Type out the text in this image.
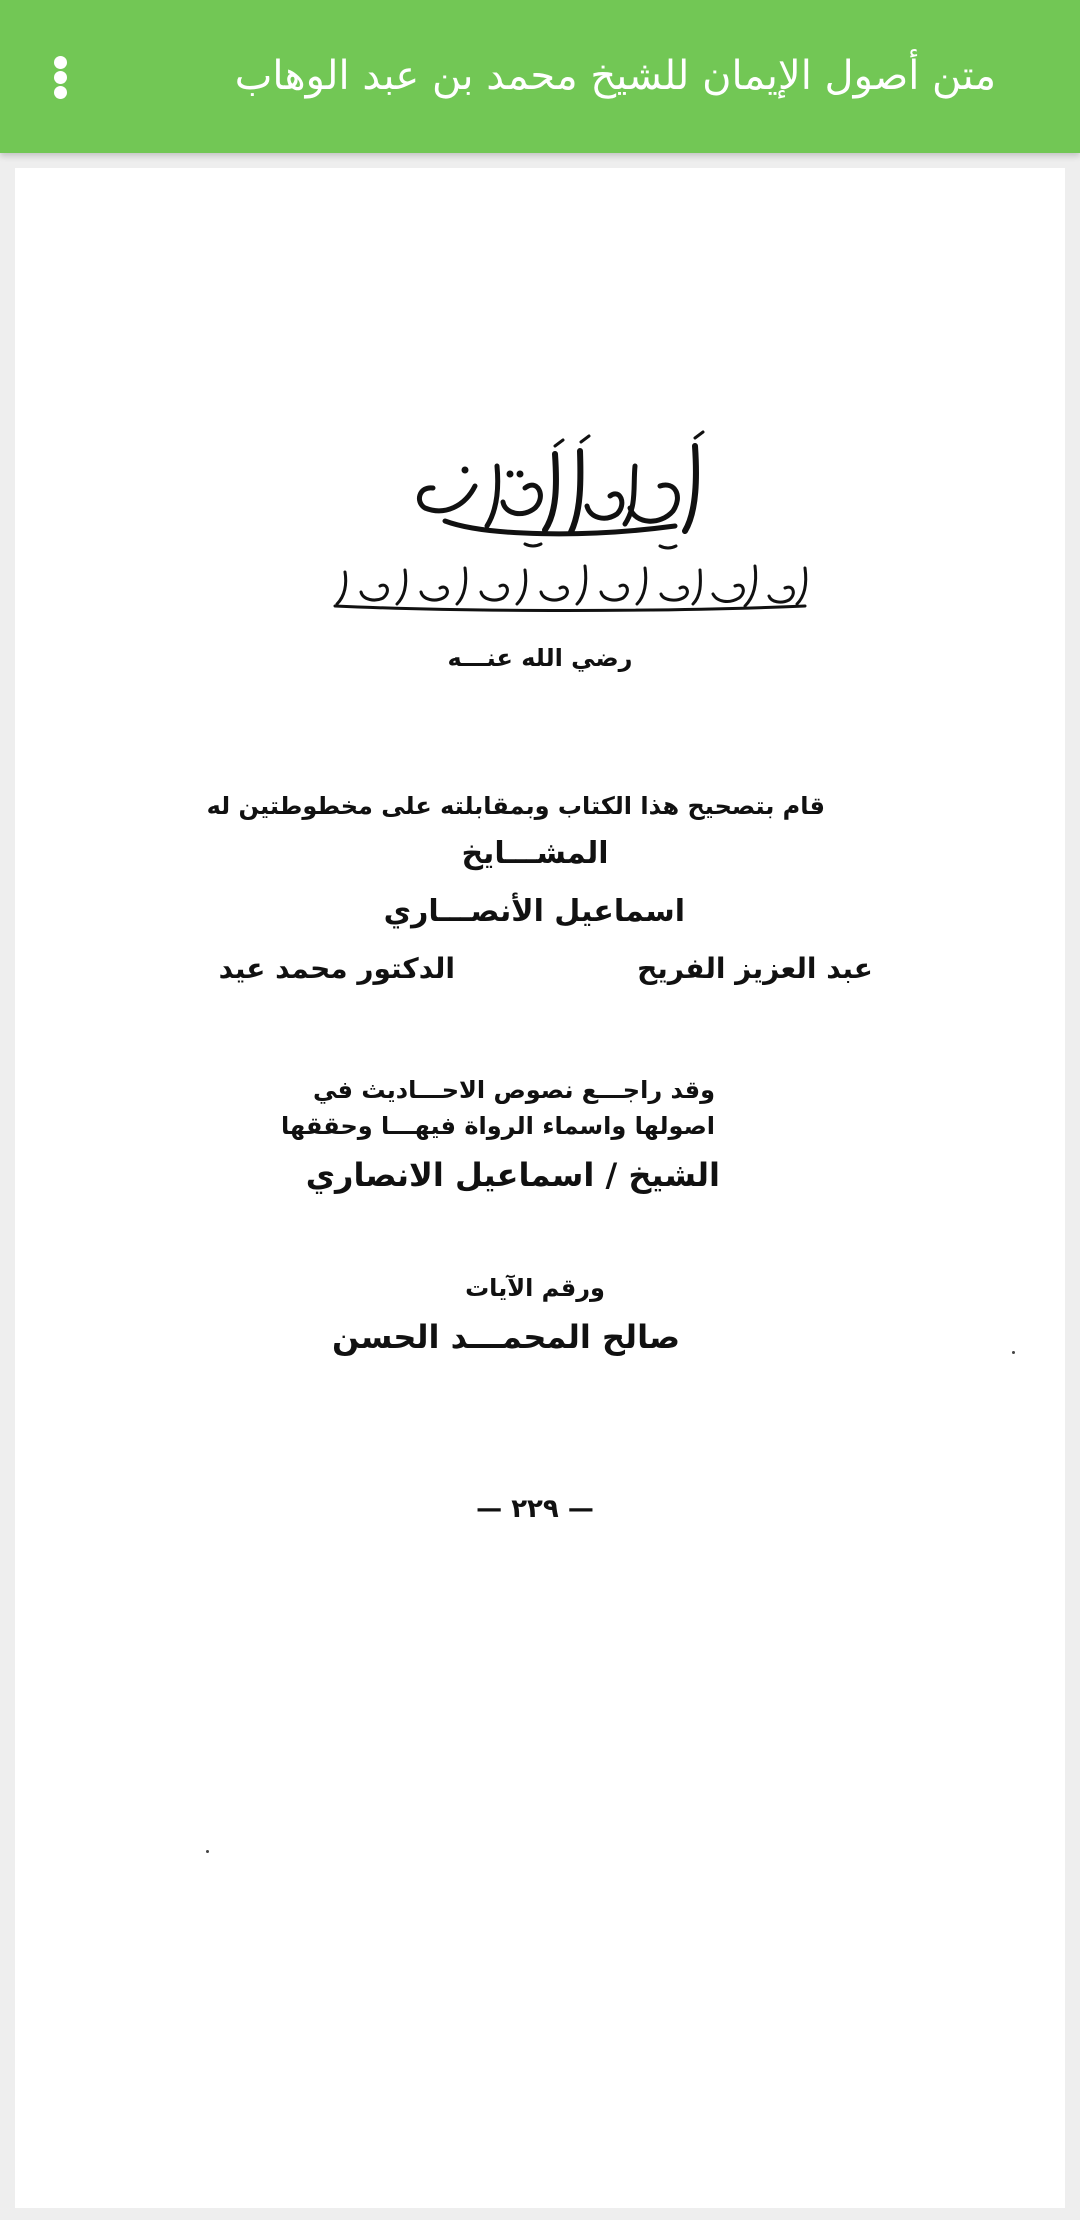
متن أصول الإيمان للشيخ محمد بن عبد الوهاب
رضي الله عنـــه
قام بتصحيح هذا الكتاب وبمقابلته على مخطوطتين له
المشـــايخ
اسماعيل الأنصـــاري
عبد العزيز الفريح
الدكتور محمد عيد
وقد راجـــع نصوص الاحـــاديث في
اصولها واسماء الرواة فيهـــا وحققها
الشيخ / اسماعيل الانصاري
ورقم الآيات
صالح المحمـــد الحسن
— ٢٢٩ —
